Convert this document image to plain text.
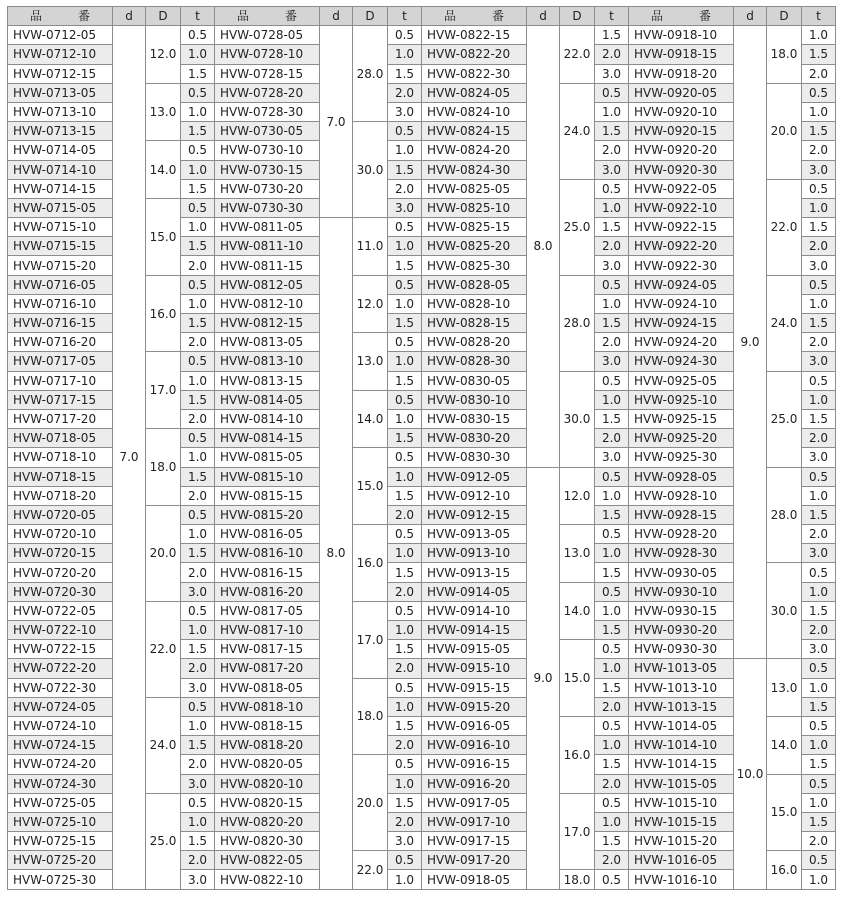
品　番	d	D	t	品　番	d	D	t	品　番	d	D	t	品　番	d	D	t
HVW-0712-05	7.0	12.0	0.5	HVW-0728-05	7.0	28.0	0.5	HVW-0822-15	8.0	22.0	1.5	HVW-0918-10	9.0	18.0	1.0
HVW-0712-10			1.0	HVW-0728-10			1.0	HVW-0822-20			2.0	HVW-0918-15			1.5
HVW-0712-15			1.5	HVW-0728-15			1.5	HVW-0822-30			3.0	HVW-0918-20			2.0
HVW-0713-05		13.0	0.5	HVW-0728-20			2.0	HVW-0824-05		24.0	0.5	HVW-0920-05		20.0	0.5
HVW-0713-10			1.0	HVW-0728-30			3.0	HVW-0824-10			1.0	HVW-0920-10			1.0
HVW-0713-15			1.5	HVW-0730-05		30.0	0.5	HVW-0824-15			1.5	HVW-0920-15			1.5
HVW-0714-05		14.0	0.5	HVW-0730-10			1.0	HVW-0824-20			2.0	HVW-0920-20			2.0
HVW-0714-10			1.0	HVW-0730-15			1.5	HVW-0824-30			3.0	HVW-0920-30			3.0
HVW-0714-15			1.5	HVW-0730-20			2.0	HVW-0825-05		25.0	0.5	HVW-0922-05		22.0	0.5
HVW-0715-05		15.0	0.5	HVW-0730-30			3.0	HVW-0825-10			1.0	HVW-0922-10			1.0
HVW-0715-10			1.0	HVW-0811-05	8.0	11.0	0.5	HVW-0825-15			1.5	HVW-0922-15			1.5
HVW-0715-15			1.5	HVW-0811-10			1.0	HVW-0825-20			2.0	HVW-0922-20			2.0
HVW-0715-20			2.0	HVW-0811-15			1.5	HVW-0825-30			3.0	HVW-0922-30			3.0
HVW-0716-05		16.0	0.5	HVW-0812-05		12.0	0.5	HVW-0828-05		28.0	0.5	HVW-0924-05		24.0	0.5
HVW-0716-10			1.0	HVW-0812-10			1.0	HVW-0828-10			1.0	HVW-0924-10			1.0
HVW-0716-15			1.5	HVW-0812-15			1.5	HVW-0828-15			1.5	HVW-0924-15			1.5
HVW-0716-20			2.0	HVW-0813-05		13.0	0.5	HVW-0828-20			2.0	HVW-0924-20			2.0
HVW-0717-05		17.0	0.5	HVW-0813-10			1.0	HVW-0828-30			3.0	HVW-0924-30			3.0
HVW-0717-10			1.0	HVW-0813-15			1.5	HVW-0830-05		30.0	0.5	HVW-0925-05		25.0	0.5
HVW-0717-15			1.5	HVW-0814-05		14.0	0.5	HVW-0830-10			1.0	HVW-0925-10			1.0
HVW-0717-20			2.0	HVW-0814-10			1.0	HVW-0830-15			1.5	HVW-0925-15			1.5
HVW-0718-05		18.0	0.5	HVW-0814-15			1.5	HVW-0830-20			2.0	HVW-0925-20			2.0
HVW-0718-10			1.0	HVW-0815-05		15.0	0.5	HVW-0830-30			3.0	HVW-0925-30			3.0
HVW-0718-15			1.5	HVW-0815-10			1.0	HVW-0912-05	9.0	12.0	0.5	HVW-0928-05		28.0	0.5
HVW-0718-20			2.0	HVW-0815-15			1.5	HVW-0912-10			1.0	HVW-0928-10			1.0
HVW-0720-05		20.0	0.5	HVW-0815-20			2.0	HVW-0912-15			1.5	HVW-0928-15			1.5
HVW-0720-10			1.0	HVW-0816-05		16.0	0.5	HVW-0913-05		13.0	0.5	HVW-0928-20			2.0
HVW-0720-15			1.5	HVW-0816-10			1.0	HVW-0913-10			1.0	HVW-0928-30			3.0
HVW-0720-20			2.0	HVW-0816-15			1.5	HVW-0913-15			1.5	HVW-0930-05		30.0	0.5
HVW-0720-30			3.0	HVW-0816-20			2.0	HVW-0914-05		14.0	0.5	HVW-0930-10			1.0
HVW-0722-05		22.0	0.5	HVW-0817-05		17.0	0.5	HVW-0914-10			1.0	HVW-0930-15			1.5
HVW-0722-10			1.0	HVW-0817-10			1.0	HVW-0914-15			1.5	HVW-0930-20			2.0
HVW-0722-15			1.5	HVW-0817-15			1.5	HVW-0915-05		15.0	0.5	HVW-0930-30			3.0
HVW-0722-20			2.0	HVW-0817-20			2.0	HVW-0915-10			1.0	HVW-1013-05	10.0	13.0	0.5
HVW-0722-30			3.0	HVW-0818-05		18.0	0.5	HVW-0915-15			1.5	HVW-1013-10			1.0
HVW-0724-05		24.0	0.5	HVW-0818-10			1.0	HVW-0915-20			2.0	HVW-1013-15			1.5
HVW-0724-10			1.0	HVW-0818-15			1.5	HVW-0916-05		16.0	0.5	HVW-1014-05		14.0	0.5
HVW-0724-15			1.5	HVW-0818-20			2.0	HVW-0916-10			1.0	HVW-1014-10			1.0
HVW-0724-20			2.0	HVW-0820-05		20.0	0.5	HVW-0916-15			1.5	HVW-1014-15			1.5
HVW-0724-30			3.0	HVW-0820-10			1.0	HVW-0916-20			2.0	HVW-1015-05		15.0	0.5
HVW-0725-05		25.0	0.5	HVW-0820-15			1.5	HVW-0917-05		17.0	0.5	HVW-1015-10			1.0
HVW-0725-10			1.0	HVW-0820-20			2.0	HVW-0917-10			1.0	HVW-1015-15			1.5
HVW-0725-15			1.5	HVW-0820-30			3.0	HVW-0917-15			1.5	HVW-1015-20			2.0
HVW-0725-20			2.0	HVW-0822-05		22.0	0.5	HVW-0917-20			2.0	HVW-1016-05		16.0	0.5
HVW-0725-30			3.0	HVW-0822-10			1.0	HVW-0918-05		18.0	0.5	HVW-1016-10			1.0
